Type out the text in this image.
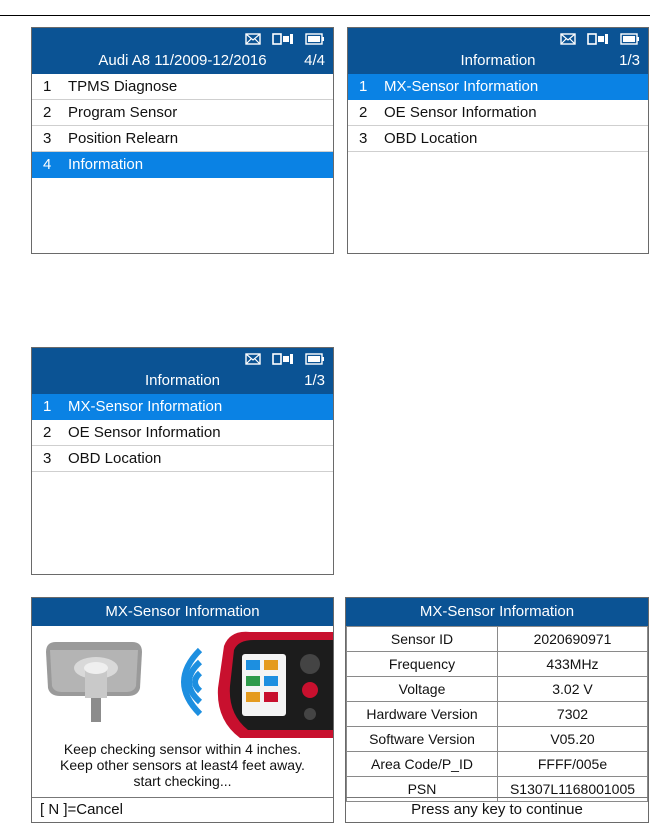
Audi A8 11/2009-12/2016	4/4
1 TPMS Diagnose
2 Program Sensor
3 Position Relearn
4 Information
Information	1/3
1 MX-Sensor Information
2 OE Sensor Information
3 OBD Location
Information	1/3
1 MX-Sensor Information
2 OE Sensor Information
3 OBD Location
MX-Sensor Information
Keep checking sensor within 4 inches.
Keep other sensors at least4 feet away.
start checking...
[ N ]=Cancel
MX-Sensor Information
Sensor ID	2020690971
Frequency	433MHz
Voltage	3.02 V
Hardware Version	7302
Software Version	V05.20
Area Code/P_ID	FFFF/005e
PSN	S1307L1168001005
Press any key to continue
